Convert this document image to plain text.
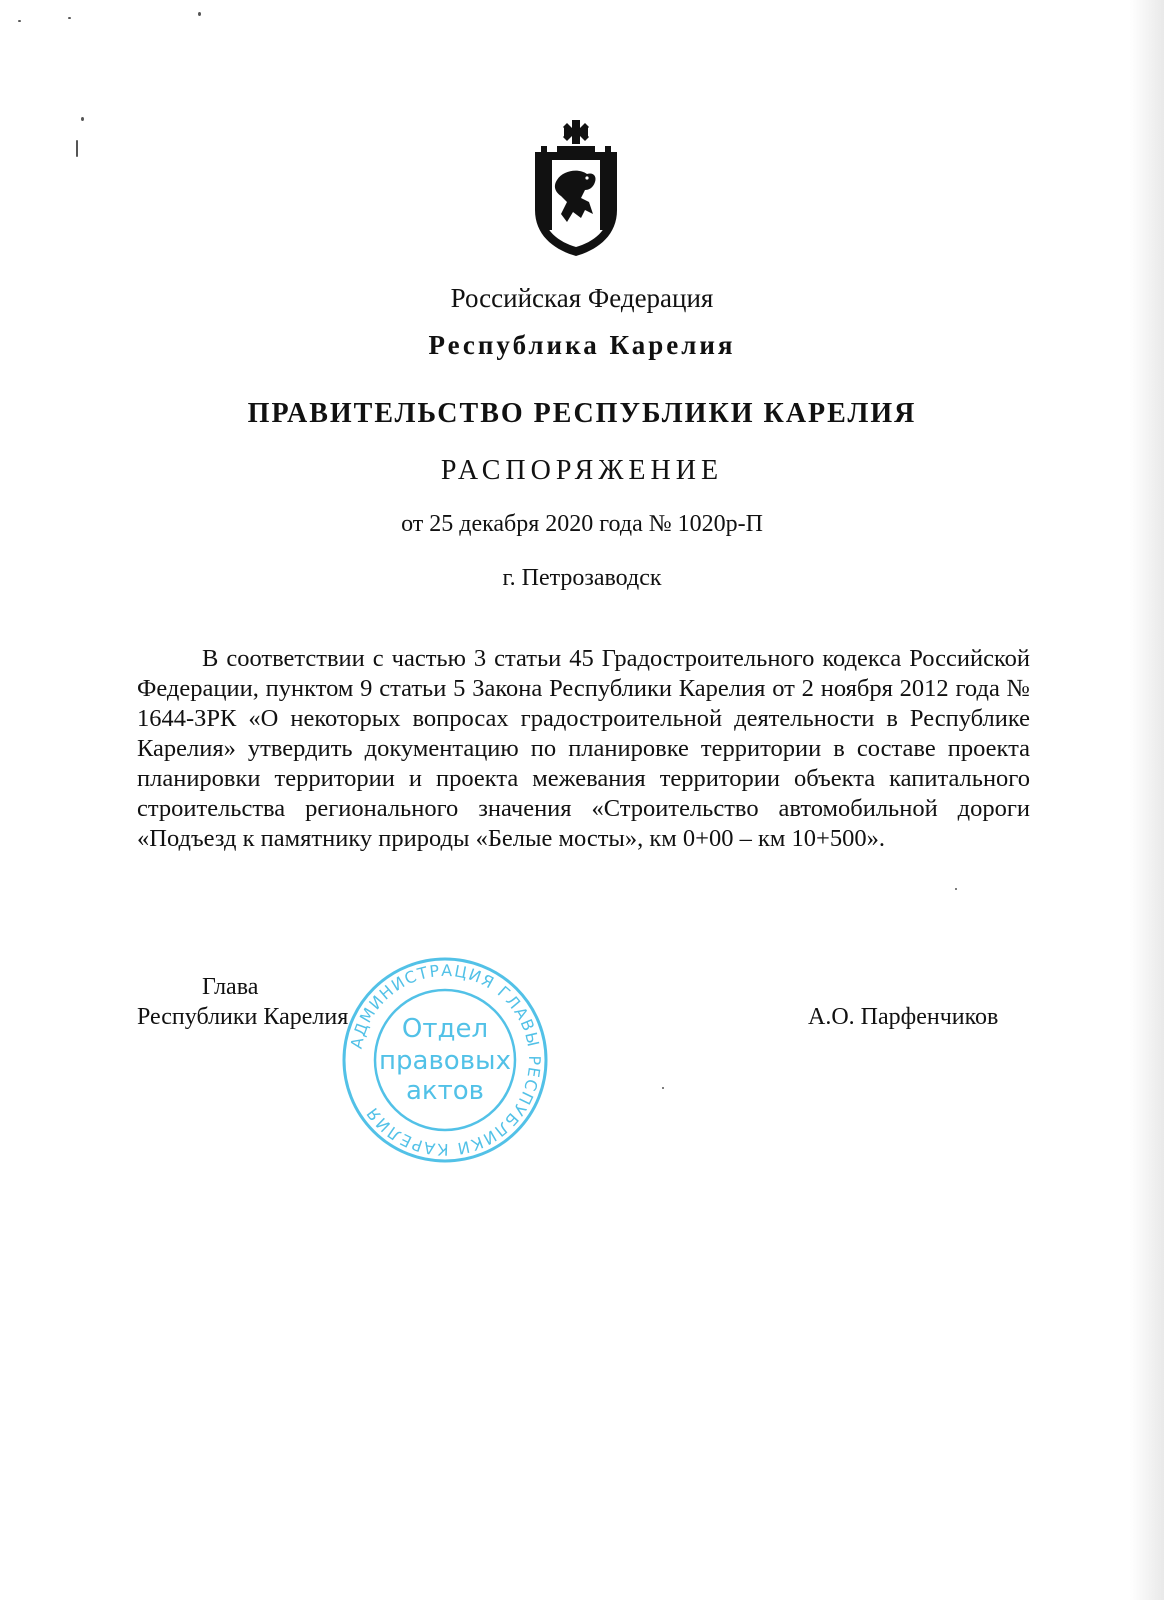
Российская Федерация
Республика Карелия
ПРАВИТЕЛЬСТВО РЕСПУБЛИКИ КАРЕЛИЯ
РАСПОРЯЖЕНИЕ
от 25 декабря 2020 года № 1020р-П
г. Петрозаводск

В соответствии с частью 3 статьи 45 Градостроительного кодекса Российской Федерации, пунктом 9 статьи 5 Закона Республики Карелия от 2 ноября 2012 года № 1644-ЗРК «О некоторых вопросах градостроительной деятельности в Республике Карелия» утвердить документацию по планировке территории в составе проекта планировки территории и проекта межевания территории объекта капитального строительства регионального значения «Строительство автомобильной дороги «Подъезд к памятнику природы «Белые мосты», км 0+00 – км 10+500».

Глава
Республики Карелия	А.О. Парфенчиков
АДМИНИСТРАЦИЯ ГЛАВЫ РЕСПУБЛИКИ КАРЕЛИЯ
Отдел
правовых
актов
